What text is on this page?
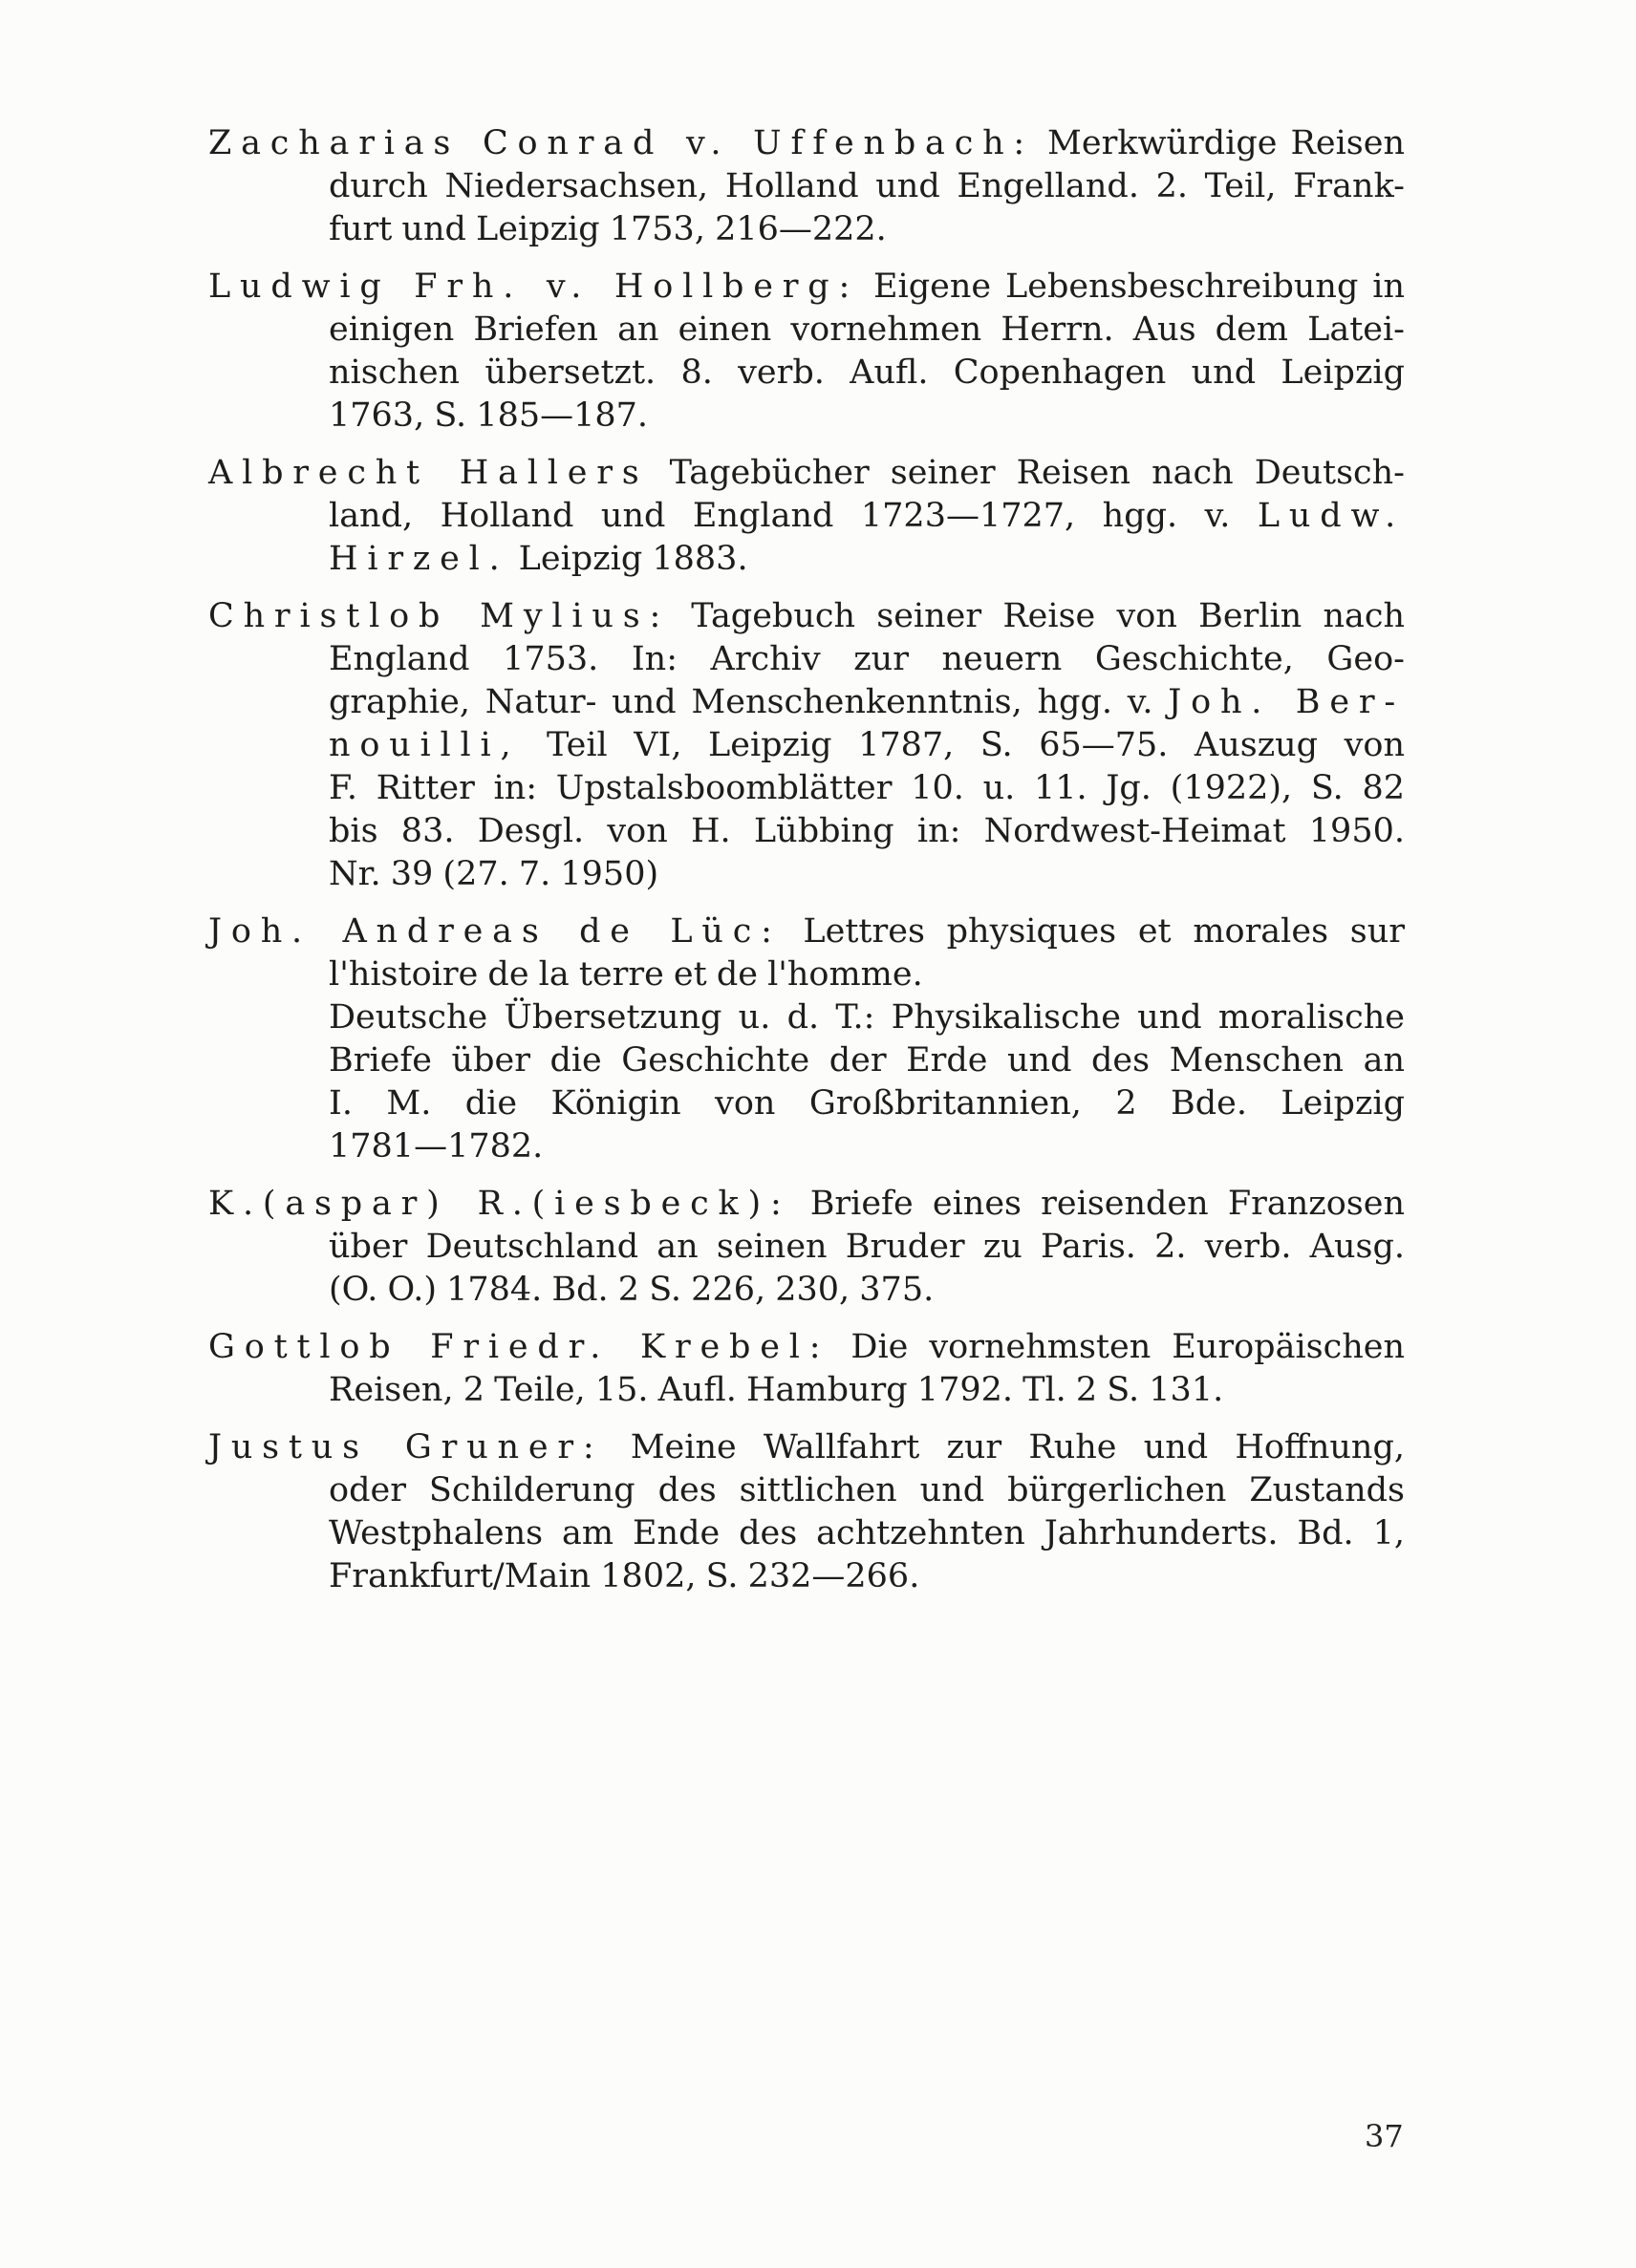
Zacharias Conrad v. Uffenbach: Merkwürdige Reisen
durch Niedersachsen, Holland und Engelland. 2. Teil, Frank-
furt und Leipzig 1753, 216—222.
Ludwig Frh. v. Hollberg: Eigene Lebensbeschreibung in
einigen Briefen an einen vornehmen Herrn. Aus dem Latei-
nischen übersetzt. 8. verb. Aufl. Copenhagen und Leipzig
1763, S. 185—187.
Albrecht Hallers Tagebücher seiner Reisen nach Deutsch-
land, Holland und England 1723—1727, hgg. v. Ludw.
Hirzel. Leipzig 1883.
Christlob Mylius: Tagebuch seiner Reise von Berlin nach
England 1753. In: Archiv zur neuern Geschichte, Geo-
graphie, Natur- und Menschenkenntnis, hgg. v. Joh. Ber-
nouilli, Teil VI, Leipzig 1787, S. 65—75. Auszug von
F. Ritter in: Upstalsboomblätter 10. u. 11. Jg. (1922), S. 82
bis 83. Desgl. von H. Lübbing in: Nordwest-Heimat 1950.
Nr. 39 (27. 7. 1950)
Joh. Andreas de Lüc: Lettres physiques et morales sur
l'histoire de la terre et de l'homme.
Deutsche Übersetzung u. d. T.: Physikalische und moralische
Briefe über die Geschichte der Erde und des Menschen an
I. M. die Königin von Großbritannien, 2 Bde. Leipzig
1781—1782.
K.(aspar) R.(iesbeck): Briefe eines reisenden Franzosen
über Deutschland an seinen Bruder zu Paris. 2. verb. Ausg.
(O. O.) 1784. Bd. 2 S. 226, 230, 375.
Gottlob Friedr. Krebel: Die vornehmsten Europäischen
Reisen, 2 Teile, 15. Aufl. Hamburg 1792. Tl. 2 S. 131.
Justus Gruner: Meine Wallfahrt zur Ruhe und Hoffnung,
oder Schilderung des sittlichen und bürgerlichen Zustands
Westphalens am Ende des achtzehnten Jahrhunderts. Bd. 1,
Frankfurt/Main 1802, S. 232—266.
37
